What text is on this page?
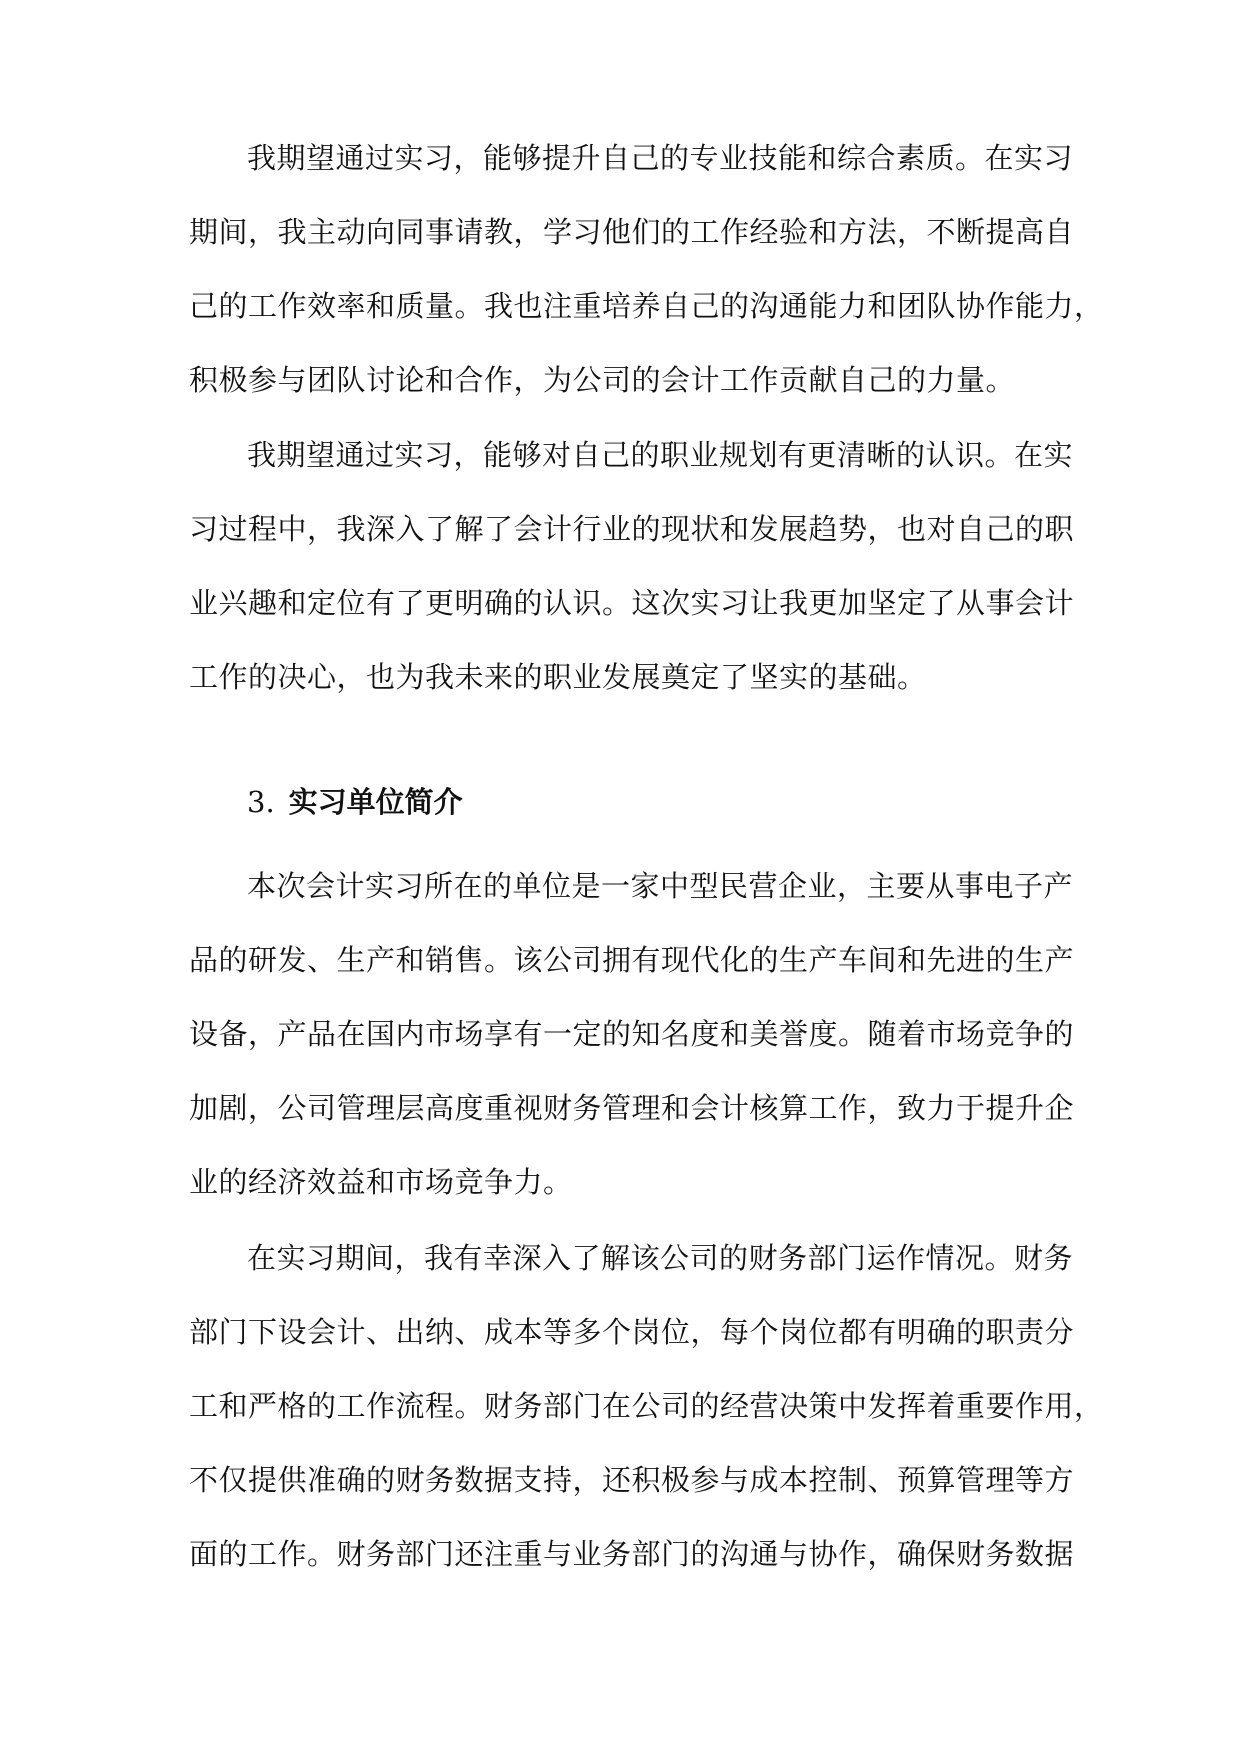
我期望通过实习，能够提升自己的专业技能和综合素质。在实习
期间，我主动向同事请教，学习他们的工作经验和方法，不断提高自
己的工作效率和质量。我也注重培养自己的沟通能力和团队协作能力，
积极参与团队讨论和合作，为公司的会计工作贡献自己的力量。
我期望通过实习，能够对自己的职业规划有更清晰的认识。在实
习过程中，我深入了解了会计行业的现状和发展趋势，也对自己的职
业兴趣和定位有了更明确的认识。这次实习让我更加坚定了从事会计
工作的决心，也为我未来的职业发展奠定了坚实的基础。
3. 实习单位简介
本次会计实习所在的单位是一家中型民营企业，主要从事电子产
品的研发、生产和销售。该公司拥有现代化的生产车间和先进的生产
设备，产品在国内市场享有一定的知名度和美誉度。随着市场竞争的
加剧，公司管理层高度重视财务管理和会计核算工作，致力于提升企
业的经济效益和市场竞争力。
在实习期间，我有幸深入了解该公司的财务部门运作情况。财务
部门下设会计、出纳、成本等多个岗位，每个岗位都有明确的职责分
工和严格的工作流程。财务部门在公司的经营决策中发挥着重要作用，
不仅提供准确的财务数据支持，还积极参与成本控制、预算管理等方
面的工作。财务部门还注重与业务部门的沟通与协作，确保财务数据
